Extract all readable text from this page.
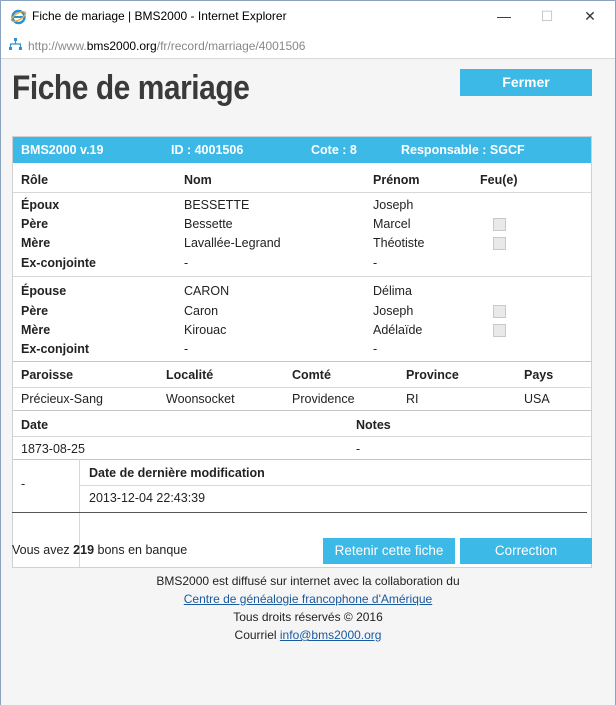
Fiche de mariage | BMS2000 - Internet Explorer	—	☐	✕
http://www.bms2000.org/fr/record/marriage/4001506
Fiche de mariage	Fermer
BMS2000 v.19	ID : 4001506	Cote : 8	Responsable : SGCF
Rôle	Nom	Prénom	Feu(e)
Époux	BESSETTE	Joseph
Père	Bessette	Marcel
Mère	Lavallée-Legrand	Théotiste
Ex-conjointe	-	-
Épouse	CARON	Délima
Père	Caron	Joseph
Mère	Kirouac	Adélaïde
Ex-conjoint	-	-
Paroisse	Localité	Comté	Province	Pays
Précieux-Sang	Woonsocket	Providence	RI	USA
Date	Notes
1873-08-25	-
-
Date de dernière modification
2013-12-04 22:43:39
Vous avez 219 bons en banque	Retenir cette fiche	Correction
BMS2000 est diffusé sur internet avec la collaboration du
Centre de généalogie francophone d'Amérique
Tous droits réservés © 2016
Courriel info@bms2000.org
